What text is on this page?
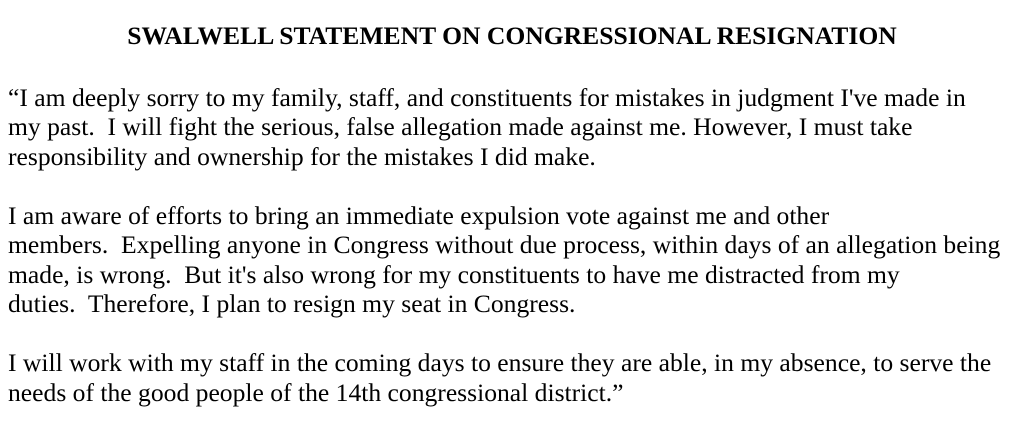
SWALWELL STATEMENT ON CONGRESSIONAL RESIGNATION
“I am deeply sorry to my family, staff, and constituents for mistakes in judgment I've made in
my past.  I will fight the serious, false allegation made against me. However, I must take
responsibility and ownership for the mistakes I did make.
I am aware of efforts to bring an immediate expulsion vote against me and other
members.  Expelling anyone in Congress without due process, within days of an allegation being
made, is wrong.  But it's also wrong for my constituents to have me distracted from my
duties.  Therefore, I plan to resign my seat in Congress.
I will work with my staff in the coming days to ensure they are able, in my absence, to serve the
needs of the good people of the 14th congressional district.”
